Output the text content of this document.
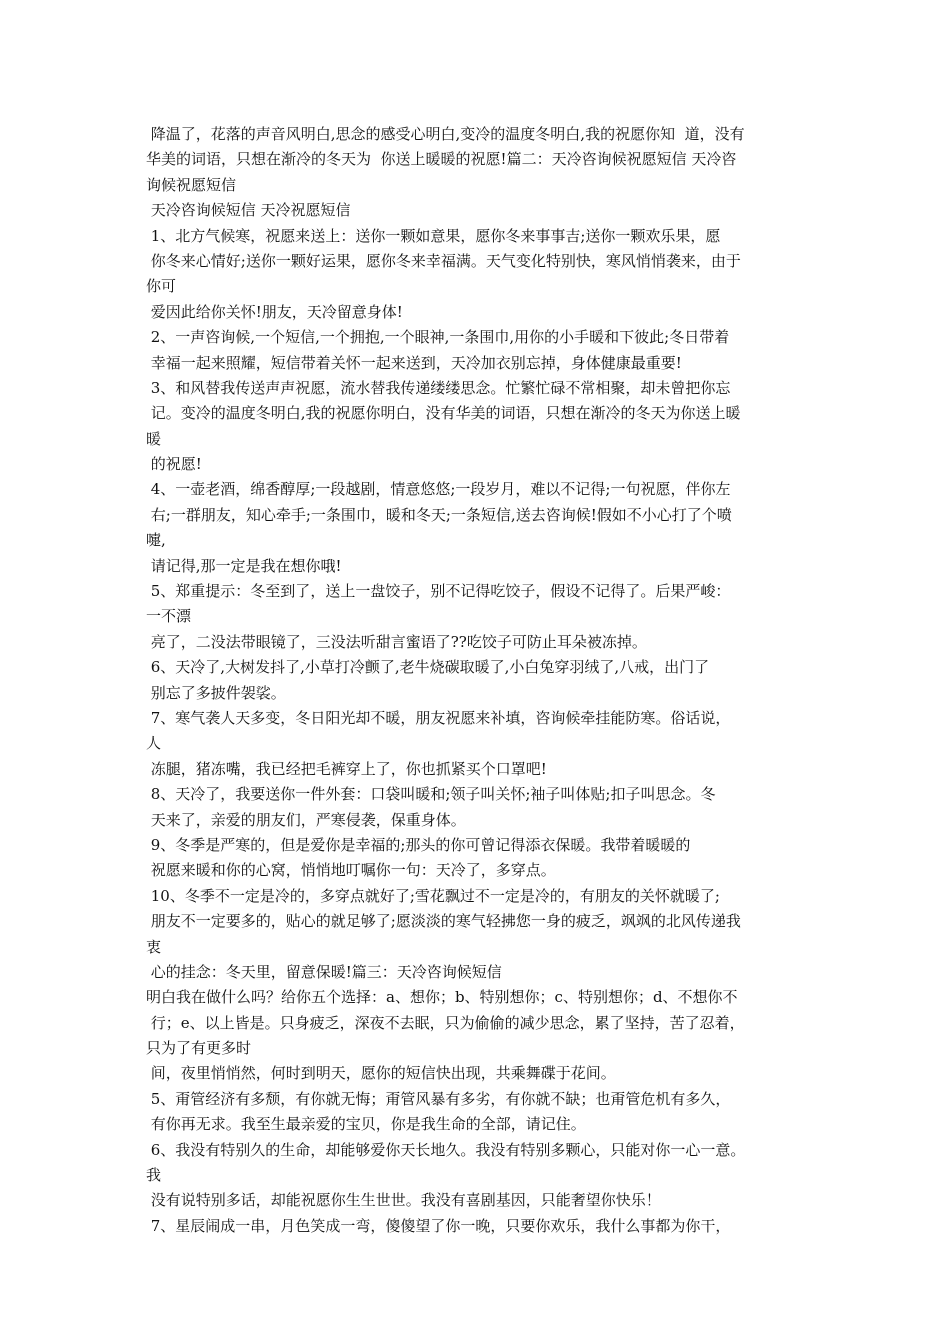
降温了，花落的声音风明白,思念的感受心明白,变冷的温度冬明白,我的祝愿你知  道，没有
华美的词语，只想在渐冷的冬天为  你送上暖暖的祝愿!篇二：天冷咨询候祝愿短信 天冷咨
询候祝愿短信
天冷咨询候短信 天冷祝愿短信
1、北方气候寒，祝愿来送上：送你一颗如意果，愿你冬来事事吉;送你一颗欢乐果，愿
你冬来心情好;送你一颗好运果，愿你冬来幸福满。天气变化特别快，寒风悄悄袭来，由于
你可
爱因此给你关怀!朋友，天冷留意身体!
2、一声咨询候,一个短信,一个拥抱,一个眼神,一条围巾,用你的小手暖和下彼此;冬日带着
幸福一起来照耀，短信带着关怀一起来送到，天冷加衣别忘掉，身体健康最重要!
3、和风替我传送声声祝愿，流水替我传递缕缕思念。忙繁忙碌不常相聚，却未曾把你忘
记。变冷的温度冬明白,我的祝愿你明白，没有华美的词语，只想在渐冷的冬天为你送上暖
暖
的祝愿!
4、一壶老酒，绵香醇厚;一段越剧，情意悠悠;一段岁月，难以不记得;一句祝愿，伴你左
右;一群朋友，知心牵手;一条围巾，暖和冬天;一条短信,送去咨询候!假如不小心打了个喷
嚏,
请记得,那一定是我在想你哦!
5、郑重提示：冬至到了，送上一盘饺子，别不记得吃饺子，假设不记得了。后果严峻：
一不漂
亮了，二没法带眼镜了，三没法听甜言蜜语了??吃饺子可防止耳朵被冻掉。
6、天冷了,大树发抖了,小草打冷颤了,老牛烧碳取暖了,小白兔穿羽绒了,八戒，出门了
别忘了多披件袈裟。
7、寒气袭人天多变，冬日阳光却不暖，朋友祝愿来补填，咨询候牵挂能防寒。俗话说，
人
冻腿，猪冻嘴，我已经把毛裤穿上了，你也抓紧买个口罩吧!
8、天冷了，我要送你一件外套：口袋叫暖和;领子叫关怀;袖子叫体贴;扣子叫思念。冬
天来了，亲爱的朋友们，严寒侵袭，保重身体。
9、冬季是严寒的，但是爱你是幸福的;那头的你可曾记得添衣保暖。我带着暖暖的
祝愿来暖和你的心窝，悄悄地叮嘱你一句：天冷了，多穿点。
10、冬季不一定是冷的，多穿点就好了;雪花飘过不一定是冷的，有朋友的关怀就暖了;
朋友不一定要多的，贴心的就足够了;愿淡淡的寒气轻拂您一身的疲乏，飒飒的北风传递我
衷
心的挂念：冬天里，留意保暖!篇三：天冷咨询候短信
明白我在做什么吗？给你五个选择：a、想你；b、特别想你；c、特别想你；d、不想你不
行；e、以上皆是。只身疲乏，深夜不去眠，只为偷偷的减少思念，累了坚持，苦了忍着，
只为了有更多时
间，夜里悄悄然，何时到明天，愿你的短信快出现，共乘舞碟于花间。
5、甭管经济有多颓，有你就无悔；甭管风暴有多劣，有你就不缺；也甭管危机有多久，
有你再无求。我至生最亲爱的宝贝，你是我生命的全部，请记住。
6、我没有特别久的生命，却能够爱你天长地久。我没有特别多颗心，只能对你一心一意。
我
没有说特别多话，却能祝愿你生生世世。我没有喜剧基因，只能奢望你快乐！
7、星辰闹成一串，月色笑成一弯，傻傻望了你一晚，只要你欢乐，我什么事都为你干，
